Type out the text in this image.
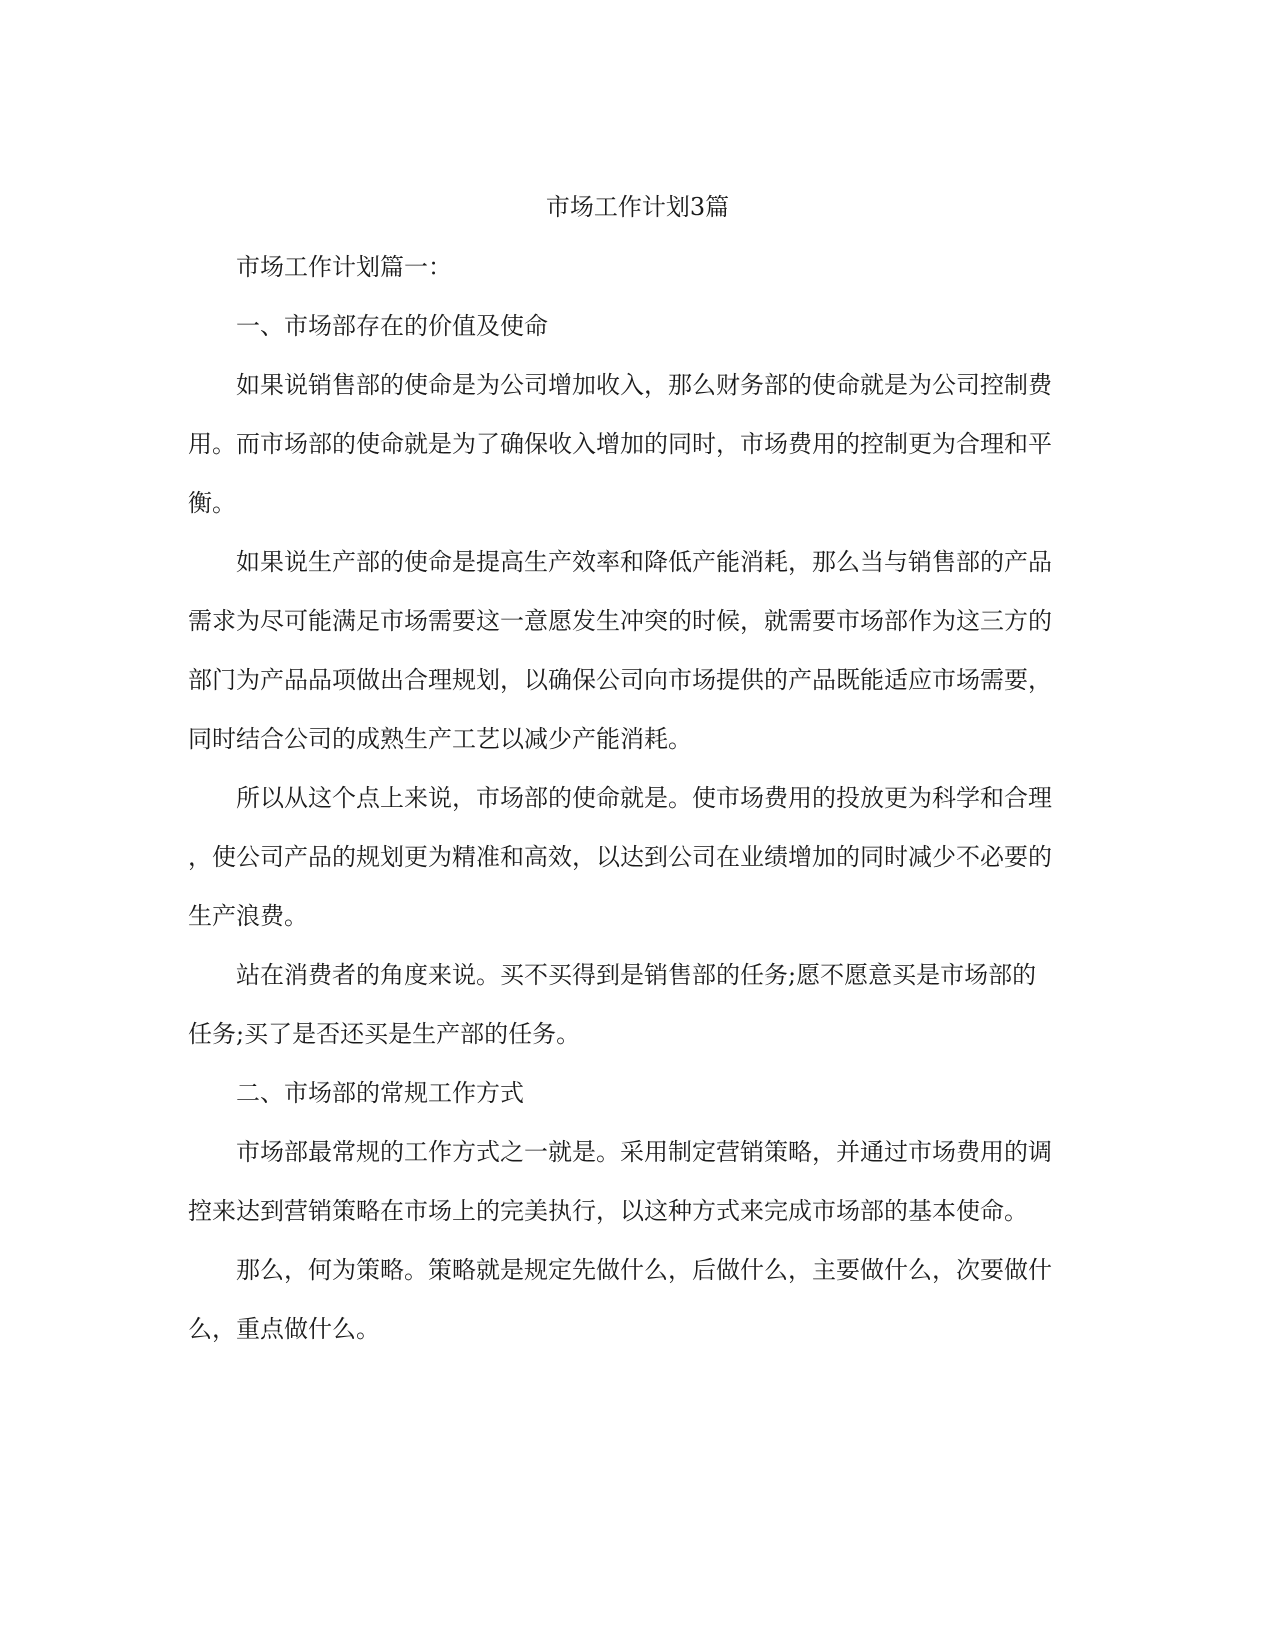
市场工作计划3篇
市场工作计划篇一：
一、市场部存在的价值及使命
如果说销售部的使命是为公司增加收入，那么财务部的使命就是为公司控制费
用。而市场部的使命就是为了确保收入增加的同时，市场费用的控制更为合理和平
衡。
如果说生产部的使命是提高生产效率和降低产能消耗，那么当与销售部的产品
需求为尽可能满足市场需要这一意愿发生冲突的时候，就需要市场部作为这三方的
部门为产品品项做出合理规划，以确保公司向市场提供的产品既能适应市场需要，
同时结合公司的成熟生产工艺以减少产能消耗。
所以从这个点上来说，市场部的使命就是。使市场费用的投放更为科学和合理
，使公司产品的规划更为精准和高效，以达到公司在业绩增加的同时减少不必要的
生产浪费。
站在消费者的角度来说。买不买得到是销售部的任务;愿不愿意买是市场部的
任务;买了是否还买是生产部的任务。
二、市场部的常规工作方式
市场部最常规的工作方式之一就是。采用制定营销策略，并通过市场费用的调
控来达到营销策略在市场上的完美执行，以这种方式来完成市场部的基本使命。
那么，何为策略。策略就是规定先做什么，后做什么，主要做什么，次要做什
么，重点做什么。
